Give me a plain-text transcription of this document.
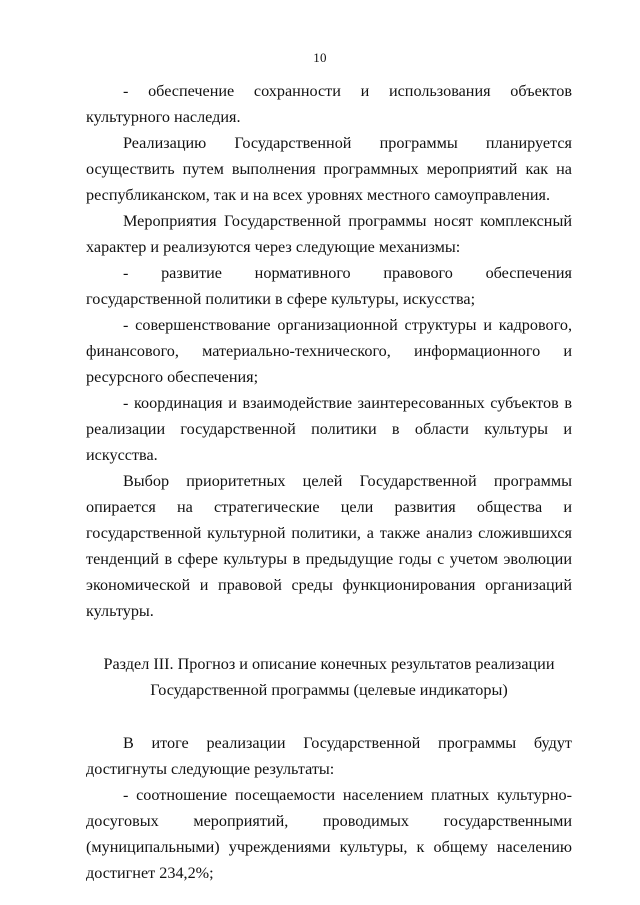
10

- обеспечение сохранности и использования объектов культурного наследия.

Реализацию Государственной программы планируется осуществить путем выполнения программных мероприятий как на республиканском, так и на всех уровнях местного самоуправления.

Мероприятия Государственной программы носят комплексный характер и реализуются через следующие механизмы:

- развитие нормативного правового обеспечения государственной политики в сфере культуры, искусства;

- совершенствование организационной структуры и кадрового, финансового, материально-технического, информационного и ресурсного обеспечения;

- координация и взаимодействие заинтересованных субъектов в реализации государственной политики в области культуры и искусства.

Выбор приоритетных целей Государственной программы опирается на стратегические цели развития общества и государственной культурной политики, а также анализ сложившихся тенденций в сфере культуры в предыдущие годы с учетом эволюции экономической и правовой среды функционирования организаций культуры.

Раздел III. Прогноз и описание конечных результатов реализации
Государственной программы (целевые индикаторы)

В итоге реализации Государственной программы будут достигнуты следующие результаты:

- соотношение посещаемости населением платных культурно-досуговых мероприятий, проводимых государственными (муниципальными) учреждениями культуры, к общему населению достигнет 234,2%;
